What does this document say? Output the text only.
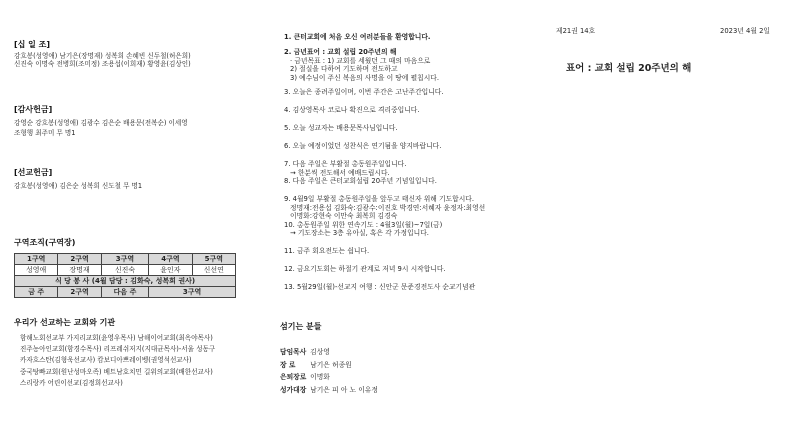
[십 일 조]
강흐봉(성영애) 남기은(장명재) 성복희 손혜빈 신두철(허은희)
신진숙 이명숙 전병희(조미정) 조용섭(이희재) 황영윤(김상인)
[감사헌금]
강영순 강흐봉(성영애) 김광수 김은순 배용문(전복순) 이세영
조형행 최주미 무 명1
[선교헌금]
강흐봉(성영애) 김은순 성복희 신도철 무 명1
구역조직(구역장)
1구역	2구역	3구역	4구역	5구역
성영애	장명재	신진숙	윤인자	신선연
식 당 봉 사 (4월 담당 : 김화숙, 성복희 권사)				
금 주	2구역	다음 주	3구역	
우리가 선교하는 교회와 기관
함해노회선교부 가지리교회(윤영우목사) 남해이어교회(최옥야목사)
진주농아인교회(함경수목사) 리프레쉬저지(지대균목사)-서울 성동구
카자흐스탄(김형욱선교사) 캄보디아쁘레이벵(권영석선교사)
중국탕빠교회(원난성마오족) 베트남호치민 길위의교회(배한선교사)
스리랑카 어린이선교(김정희선교사)
1. 큰터교회에 처음 오신 여러분들을 환영합니다.
2. 금년표어 : 교회 설립 20주년의 해
· 금년목표 : 1) 교회를 세웠던 그 때의 마음으로
2) 절실을 다하여 기도하며 전도하고
3) 예수님이 주신 복음의 사명을 이 땅에 펼칩시다.
3. 오늘은 종려주일이며, 이번 주간은 고난주간입니다.
4. 김상영목사 코로나 확진으로 격리중입니다.
5. 오늘 성교자는 배용문목사님입니다.
6. 오늘 예정이었던 성찬식은 연기됨을 양지바랍니다.
7. 다음 주일은 부활절 총동원주일입니다.
→ 한분씩 전도해서 예배드립시다.
8. 다음 주일은 큰터교회설립 20주년 기념일입니다.
9. 4월9일 부활절 총동원주일을 앞두고 태신자 위해 기도합시다.
정명재:전용섭 김화숙:김광수:이진호 박경연:서혜자 윤정자:최영선
이명화:강현숙 이만숙 최복희 김경숙
10. 총동원주일 위한 연속기도 : 4월3일(월)~7일(금)
→ 기도장소는 3층 유아실, 혹은 각 가정입니다.
11. 금주 회요전도는 쉽니다.
12. 금요기도회는 하절기 관계로 저녁 9시 시작합니다.
13. 5월29일(월)-선교지 여행 : 신안군 문준경전도사 순교기념관
섬기는 분들
담임목사 김상영
장 로 남기은 허종원
은퇴장로 이명화
성가대장 남기은 피 아 노 이유정
제21권 14호	2023년 4월 2일
표어 : 교회 설립 20주년의 해
